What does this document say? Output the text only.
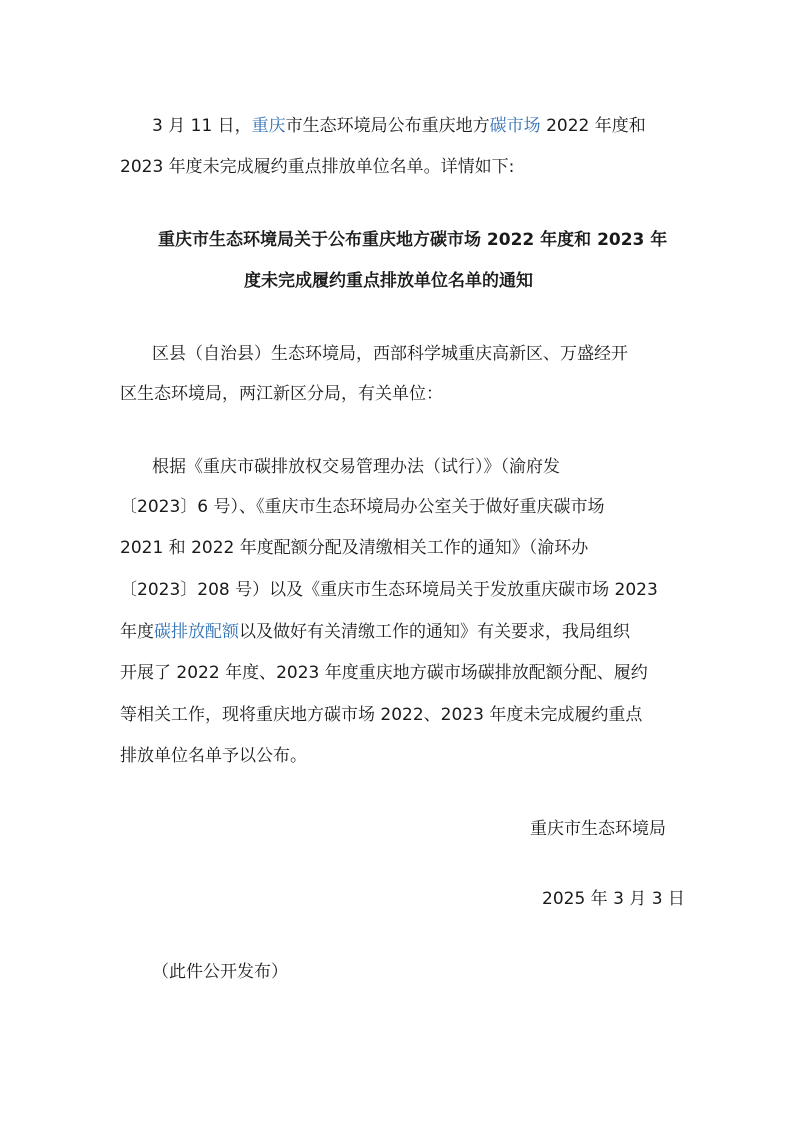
3 月 11 日，重庆市生态环境局公布重庆地方碳市场 2022 年度和
2023 年度未完成履约重点排放单位名单。详情如下:
重庆市生态环境局关于公布重庆地方碳市场 2022 年度和 2023 年
度未完成履约重点排放单位名单的通知
区县（自治县）生态环境局，西部科学城重庆高新区、万盛经开
区生态环境局，两江新区分局，有关单位：
根据《重庆市碳排放权交易管理办法（试行）》（渝府发
〔2023〕6 号）、《重庆市生态环境局办公室关于做好重庆碳市场
2021 和 2022 年度配额分配及清缴相关工作的通知》（渝环办
〔2023〕208 号）以及《重庆市生态环境局关于发放重庆碳市场 2023
年度碳排放配额以及做好有关清缴工作的通知》有关要求，我局组织
开展了 2022 年度、2023 年度重庆地方碳市场碳排放配额分配、履约
等相关工作，现将重庆地方碳市场 2022、2023 年度未完成履约重点
排放单位名单予以公布。
重庆市生态环境局
2025 年 3 月 3 日
（此件公开发布）
